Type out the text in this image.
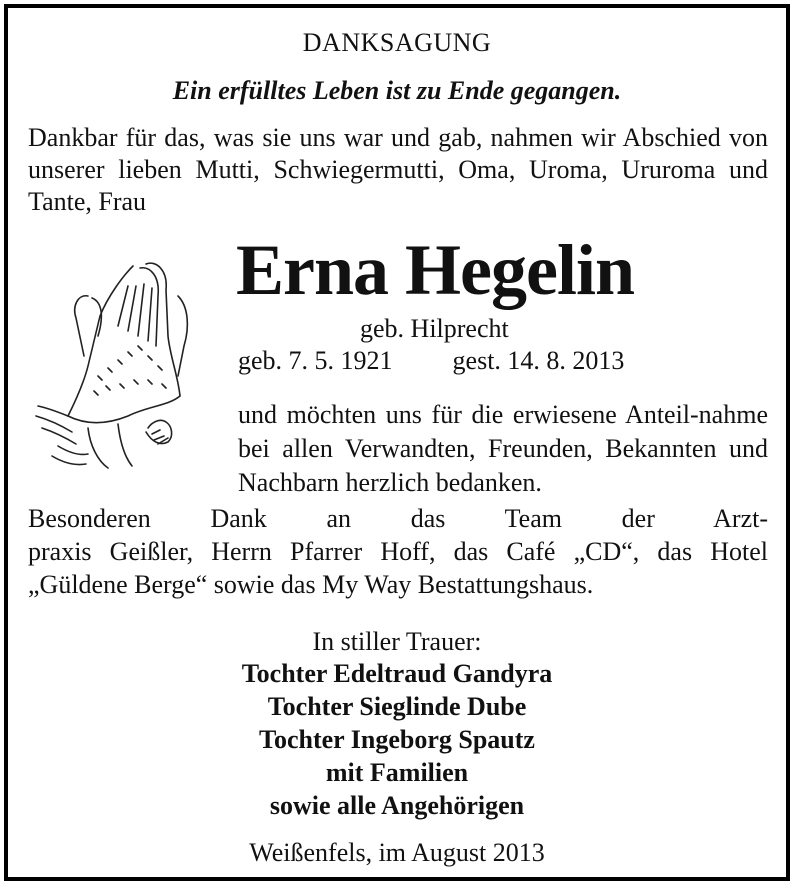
DANKSAGUNG
Ein erfülltes Leben ist zu Ende gegangen.
Dankbar für das, was sie uns war und gab, nahmen wir Abschied von unserer lieben Mutti, Schwiegermutti, Oma, Uroma, Ururoma und Tante, Frau
Erna Hegelin
geb. Hilprecht
geb. 7. 5. 1921 gest. 14. 8. 2013
und möchten uns für die erwiesene Anteil-nahme bei allen Verwandten, Freunden, Bekannten und Nachbarn herzlich bedanken.
Besonderen Dank an das Team der Arzt-
praxis Geißler, Herrn Pfarrer Hoff, das Café „CD“, das Hotel „Güldene Berge“ sowie das My Way Bestattungshaus.
In stiller Trauer:
Tochter Edeltraud Gandyra
Tochter Sieglinde Dube
Tochter Ingeborg Spautz
mit Familien
sowie alle Angehörigen
Weißenfels, im August 2013
